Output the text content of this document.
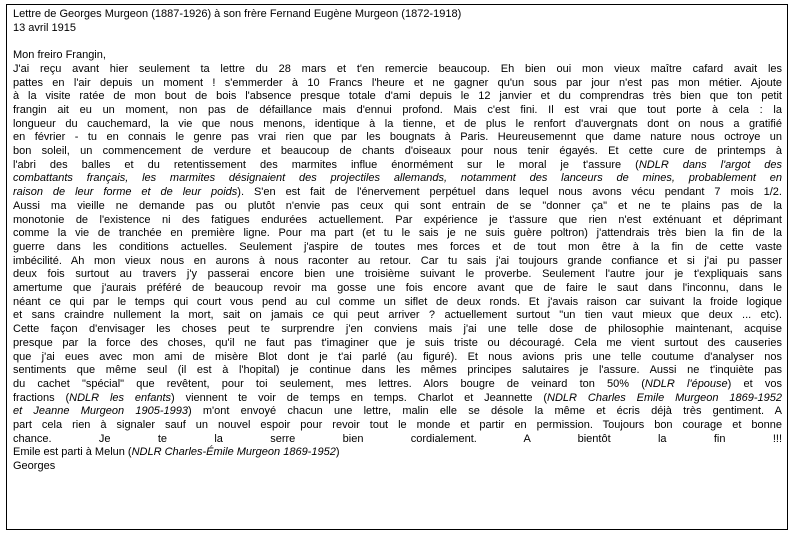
Lettre de Georges Murgeon (1887-1926) à son frère Fernand Eugène Murgeon (1872-1918)
13 avril 1915
Mon freiro Frangin,
J'ai reçu avant hier seulement ta lettre du 28 mars et t'en remercie beaucoup. Eh bien oui mon vieux maître cafard avait les
pattes en l'air depuis un moment ! s'emmerder à 10 Francs l'heure et ne gagner qu'un sous par jour n'est pas mon métier. Ajoute
à la visite ratée de mon bout de bois l'absence presque totale d'ami depuis le 12 janvier et du comprendras très bien que ton petit
frangin ait eu un moment, non pas de défaillance mais d'ennui profond. Mais c'est fini. Il est vrai que tout porte à cela : la
longueur du cauchemard, la vie que nous menons, identique à la tienne, et de plus le renfort d'auvergnats dont on nous a gratifié
en février - tu en connais le genre pas vrai rien que par les bougnats à Paris. Heureusemennt que dame nature nous octroye un
bon soleil, un commencement de verdure et beaucoup de chants d'oiseaux pour nous tenir égayés. Et cette cure de printemps à
l'abri des balles et du retentissement des marmites influe énormément sur le moral je t'assure (NDLR dans l'argot des
combattants français, les marmites désignaient des projectiles allemands, notamment des lanceurs de mines, probablement en
raison de leur forme et de leur poids). S'en est fait de l'énervement perpétuel dans lequel nous avons vécu pendant 7 mois 1/2.
Aussi ma vieille ne demande pas ou plutôt n'envie pas ceux qui sont entrain de se "donner ça" et ne te plains pas de la
monotonie de l'existence ni des fatigues endurées actuellement. Par expérience je t'assure que rien n'est exténuant et déprimant
comme la vie de tranchée en première ligne. Pour ma part (et tu le sais je ne suis guère poltron) j'attendrais très bien la fin de la
guerre dans les conditions actuelles. Seulement j'aspire de toutes mes forces et de tout mon être à la fin de cette vaste
imbécilité. Ah mon vieux nous en aurons à nous raconter au retour. Car tu sais j'ai toujours grande confiance et si j'ai pu passer
deux fois surtout au travers j'y passerai encore bien une troisième suivant le proverbe. Seulement l'autre jour je t'expliquais sans
amertume que j'aurais préféré de beaucoup revoir ma gosse une fois encore avant que de faire le saut dans l'inconnu, dans le
néant ce qui par le temps qui court vous pend au cul comme un siflet de deux ronds. Et j'avais raison car suivant la froide logique
et sans craindre nullement la mort, sait on jamais ce qui peut arriver ? actuellement surtout "un tien vaut mieux que deux ... etc).
Cette façon d'envisager les choses peut te surprendre j'en conviens mais j'ai une telle dose de philosophie maintenant, acquise
presque par la force des choses, qu'il ne faut pas t'imaginer que je suis triste ou découragé. Cela me vient surtout des causeries
que j'ai eues avec mon ami de misère Blot dont je t'ai parlé (au figuré). Et nous avions pris une telle coutume d'analyser nos
sentiments que même seul (il est à l'hopital) je continue dans les mêmes principes salutaires je l'assure. Aussi ne t'inquiète pas
du cachet "spécial" que revêtent, pour toi seulement, mes lettres. Alors bougre de veinard ton 50% (NDLR l'épouse) et vos
fractions (NDLR les enfants) viennent te voir de temps en temps. Charlot et Jeannette (NDLR Charles Emile Murgeon 1869-1952
et Jeanne Murgeon 1905-1993) m'ont envoyé chacun une lettre, malin elle se désole la même et écris déjà très gentiment. A
part cela rien à signaler sauf un nouvel espoir pour revoir tout le monde et partir en permission. Toujours bon courage et bonne
chance. Je te la serre bien cordialement. A bientôt la fin !!!
Emile est parti à Melun (NDLR Charles-Émile Murgeon 1869-1952)
Georges
